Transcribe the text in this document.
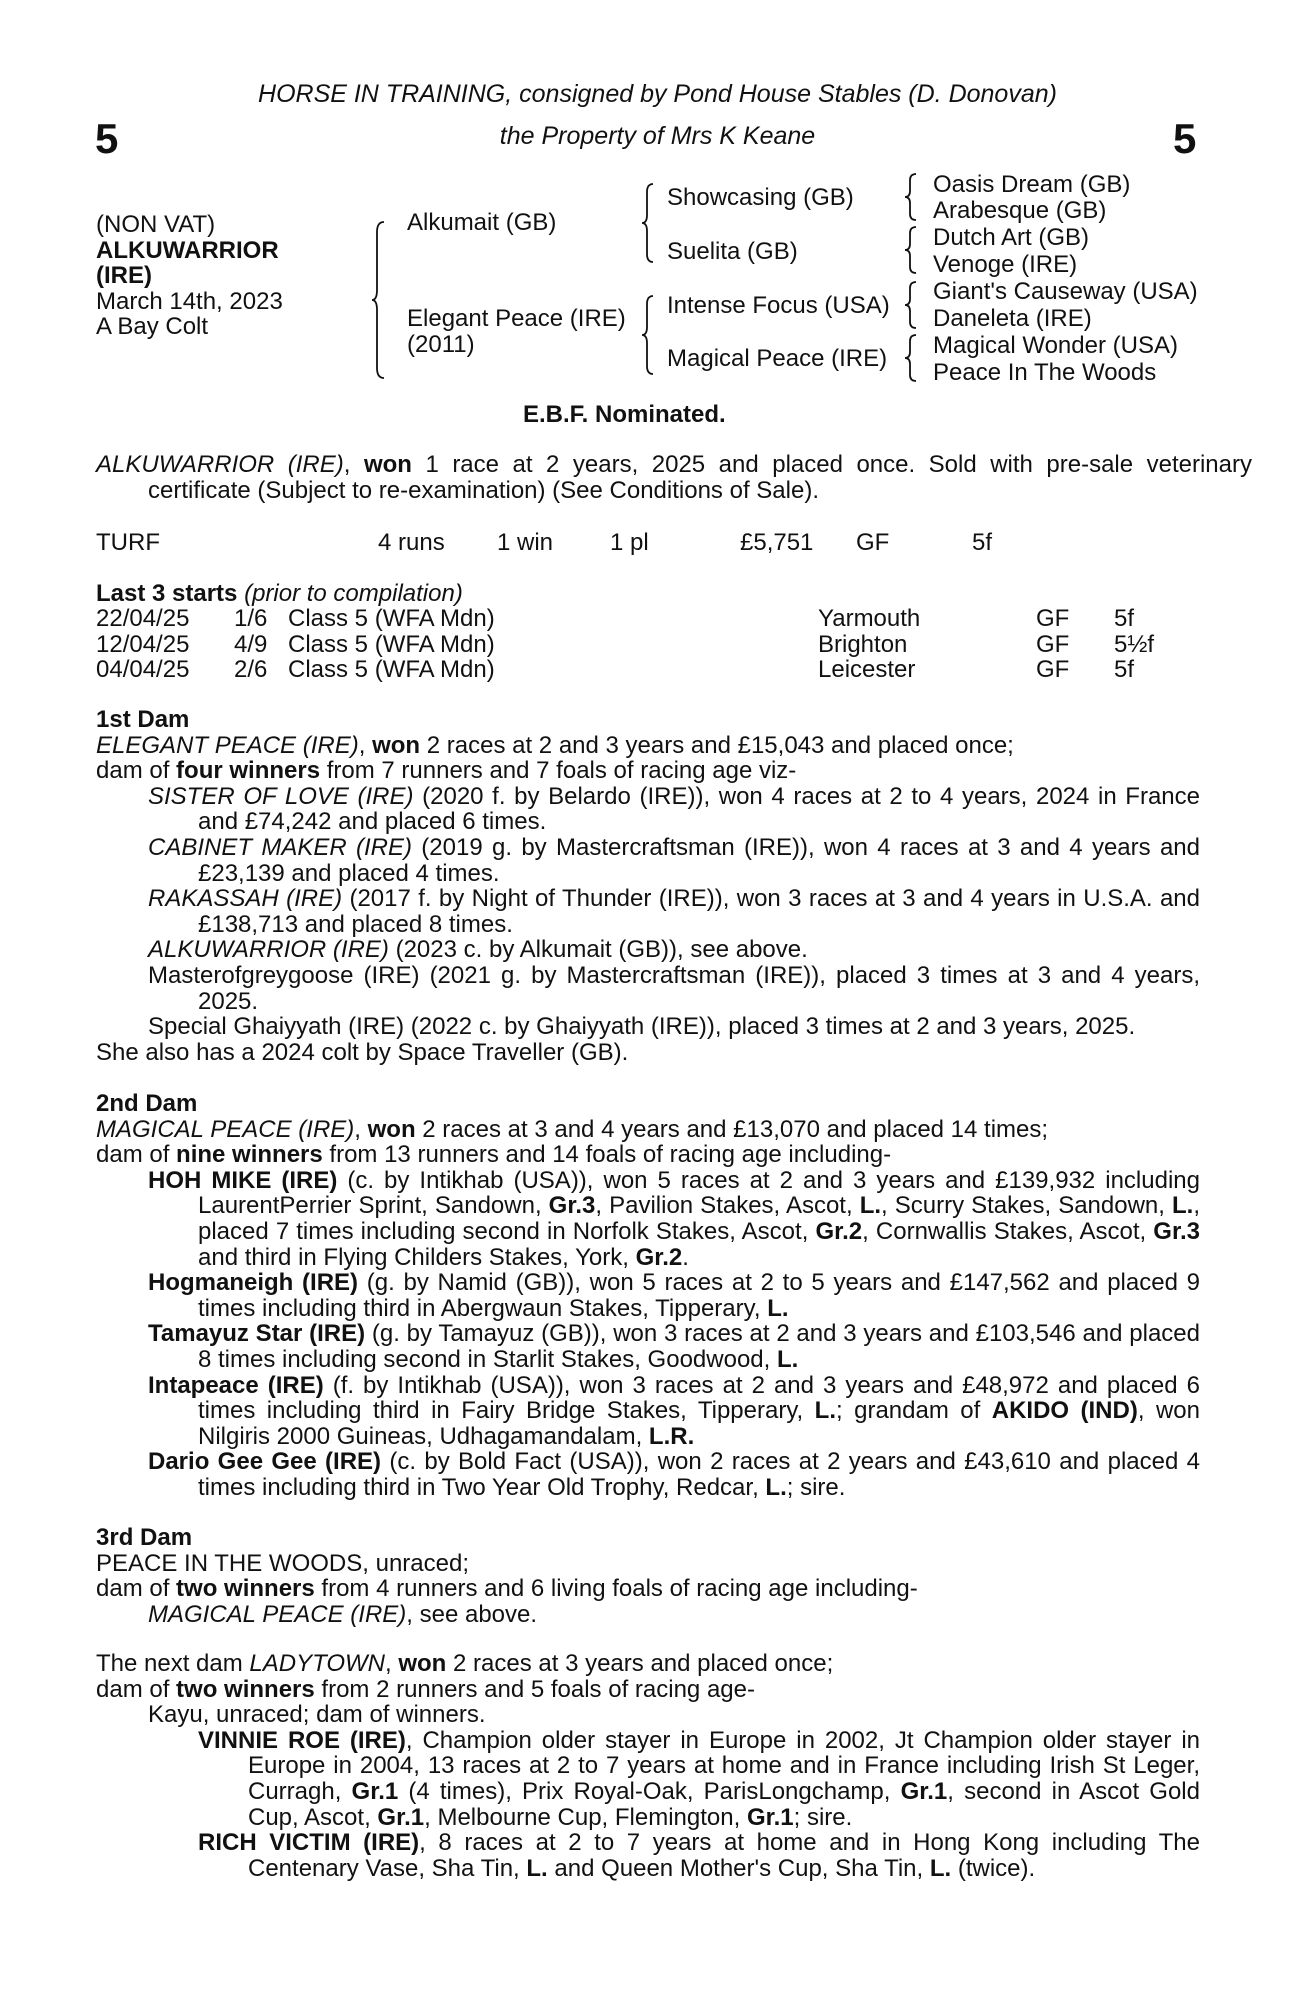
5	5
HORSE IN TRAINING, consigned by Pond House Stables (D. Donovan)
the Property of Mrs K Keane
(NON VAT)
ALKUWARRIOR
(IRE)
March 14th, 2023
A Bay Colt
Alkumait (GB)
Elegant Peace (IRE)
(2011)
Showcasing (GB)
Suelita (GB)
Intense Focus (USA)
Magical Peace (IRE)
Oasis Dream (GB)
Arabesque (GB)
Dutch Art (GB)
Venoge (IRE)
Giant's Causeway (USA)
Daneleta (IRE)
Magical Wonder (USA)
Peace In The Woods
E.B.F. Nominated.
ALKUWARRIOR (IRE), won 1 race at 2 years, 2025 and placed once. Sold with pre-sale veterinary certificate (Subject to re-examination) (See Conditions of Sale).
TURF	4 runs 1 win 1 pl	£5,751 GF	5f
Last 3 starts (prior to compilation)
22/04/25 1/6 Class 5 (WFA Mdn)	Yarmouth	GF 5f
12/04/25 4/9 Class 5 (WFA Mdn)	Brighton	GF 5½f
04/04/25 2/6 Class 5 (WFA Mdn)	Leicester	GF 5f

1st Dam

ELEGANT PEACE (IRE), won 2 races at 2 and 3 years and £15,043 and placed once;

dam of four winners from 7 runners and 7 foals of racing age viz-

SISTER OF LOVE (IRE) (2020 f. by Belardo (IRE)), won 4 races at 2 to 4 years, 2024 in France and £74,242 and placed 6 times.

CABINET MAKER (IRE) (2019 g. by Mastercraftsman (IRE)), won 4 races at 3 and 4 years and £23,139 and placed 4 times.

RAKASSAH (IRE) (2017 f. by Night of Thunder (IRE)), won 3 races at 3 and 4 years in U.S.A. and £138,713 and placed 8 times.

ALKUWARRIOR (IRE) (2023 c. by Alkumait (GB)), see above.

Masterofgreygoose (IRE) (2021 g. by Mastercraftsman (IRE)), placed 3 times at 3 and 4 years, 2025.

Special Ghaiyyath (IRE) (2022 c. by Ghaiyyath (IRE)), placed 3 times at 2 and 3 years, 2025.

She also has a 2024 colt by Space Traveller (GB).

2nd Dam

MAGICAL PEACE (IRE), won 2 races at 3 and 4 years and £13,070 and placed 14 times;

dam of nine winners from 13 runners and 14 foals of racing age including-

HOH MIKE (IRE) (c. by Intikhab (USA)), won 5 races at 2 and 3 years and £139,932 including LaurentPerrier Sprint, Sandown, Gr.3, Pavilion Stakes, Ascot, L., Scurry Stakes, Sandown, L., placed 7 times including second in Norfolk Stakes, Ascot, Gr.2, Cornwallis Stakes, Ascot, Gr.3 and third in Flying Childers Stakes, York, Gr.2.

Hogmaneigh (IRE) (g. by Namid (GB)), won 5 races at 2 to 5 years and £147,562 and placed 9 times including third in Abergwaun Stakes, Tipperary, L.

Tamayuz Star (IRE) (g. by Tamayuz (GB)), won 3 races at 2 and 3 years and £103,546 and placed 8 times including second in Starlit Stakes, Goodwood, L.

Intapeace (IRE) (f. by Intikhab (USA)), won 3 races at 2 and 3 years and £48,972 and placed 6 times including third in Fairy Bridge Stakes, Tipperary, L.; grandam of AKIDO (IND), won Nilgiris 2000 Guineas, Udhagamandalam, L.R.

Dario Gee Gee (IRE) (c. by Bold Fact (USA)), won 2 races at 2 years and £43,610 and placed 4 times including third in Two Year Old Trophy, Redcar, L.; sire.

3rd Dam

PEACE IN THE WOODS, unraced;

dam of two winners from 4 runners and 6 living foals of racing age including-

MAGICAL PEACE (IRE), see above.

The next dam LADYTOWN, won 2 races at 3 years and placed once;

dam of two winners from 2 runners and 5 foals of racing age-

Kayu, unraced; dam of winners.

VINNIE ROE (IRE), Champion older stayer in Europe in 2002, Jt Champion older stayer in Europe in 2004, 13 races at 2 to 7 years at home and in France including Irish St Leger, Curragh, Gr.1 (4 times), Prix Royal-Oak, ParisLongchamp, Gr.1, second in Ascot Gold Cup, Ascot, Gr.1, Melbourne Cup, Flemington, Gr.1; sire.

RICH VICTIM (IRE), 8 races at 2 to 7 years at home and in Hong Kong including The Centenary Vase, Sha Tin, L. and Queen Mother's Cup, Sha Tin, L. (twice).
